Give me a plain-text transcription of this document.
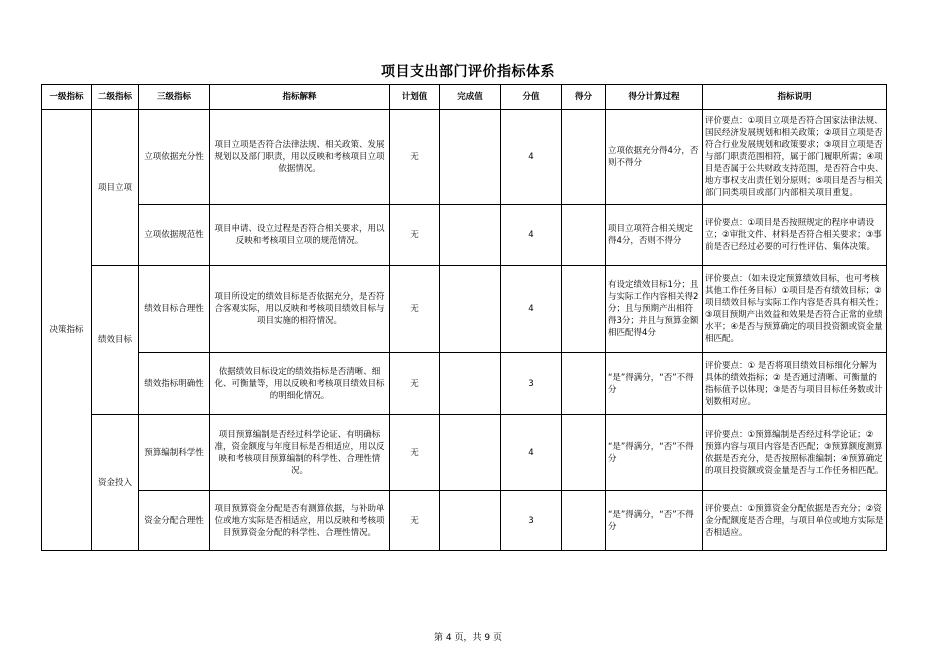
项目支出部门评价指标体系
一级指标	二级指标	三级指标	指标解释	计划值	完成值	分值	得分	得分计算过程	指标说明
决策指标	项目立项	立项依据充分性	项目立项是否符合法律法规、相关政策、发展规划以及部门职责，用以反映和考核项目立项依据情况。	无		4		立项依据充分得4分，否则不得分	评价要点：①项目立项是否符合国家法律法规、国民经济发展规划和相关政策；②项目立项是否符合行业发展规划和政策要求；③项目立项是否与部门职责范围相符，属于部门履职所需；④项目是否属于公共财政支持范围，是否符合中央、地方事权支出责任划分原则；⑤项目是否与相关部门同类项目或部门内部相关项目重复。
		立项依据规范性	项目申请、设立过程是否符合相关要求，用以反映和考核项目立项的规范情况。	无		4		项目立项符合相关规定得4分，否则不得分	评价要点：①项目是否按照规定的程序申请设立；②审批文件、材料是否符合相关要求；③事前是否已经过必要的可行性评估、集体决策。
	绩效目标	绩效目标合理性	项目所设定的绩效目标是否依据充分，是否符合客观实际，用以反映和考核项目绩效目标与项目实施的相符情况。	无		4		有设定绩效目标1分；且与实际工作内容相关得2分；且与预期产出相符得3分；并且与预算金额相匹配得4分	评价要点：（如未设定预算绩效目标，也可考核其他工作任务目标）①项目是否有绩效目标；②项目绩效目标与实际工作内容是否具有相关性；③项目预期产出效益和效果是否符合正常的业绩水平；④是否与预算确定的项目投资额或资金量相匹配。
		绩效指标明确性	依据绩效目标设定的绩效指标是否清晰、细化、可衡量等，用以反映和考核项目绩效目标的明细化情况。	无		3		“是”得满分，“否”不得分	评价要点：① 是否将项目绩效目标细化分解为具体的绩效指标；② 是否通过清晰、可衡量的指标值予以体现；③是否与项目目标任务数或计划数相对应。
	资金投入	预算编制科学性	项目预算编制是否经过科学论证、有明确标准，资金额度与年度目标是否相适应，用以反映和考核项目预算编制的科学性、合理性情况。	无		4		“是”得满分，“否”不得分	评价要点：①预算编制是否经过科学论证；② 预算内容与项目内容是否匹配；③预算额度测算依据是否充分，是否按照标准编制；④预算确定的项目投资额或资金量是否与工作任务相匹配。
		资金分配合理性	项目预算资金分配是否有测算依据，与补助单位或地方实际是否相适应，用以反映和考核项目预算资金分配的科学性、合理性情况。	无		3		“是”得满分，“否”不得分	评价要点：①预算资金分配依据是否充分；②资金分配额度是否合理，与项目单位或地方实际是否相适应。
第 4 页，共 9 页
